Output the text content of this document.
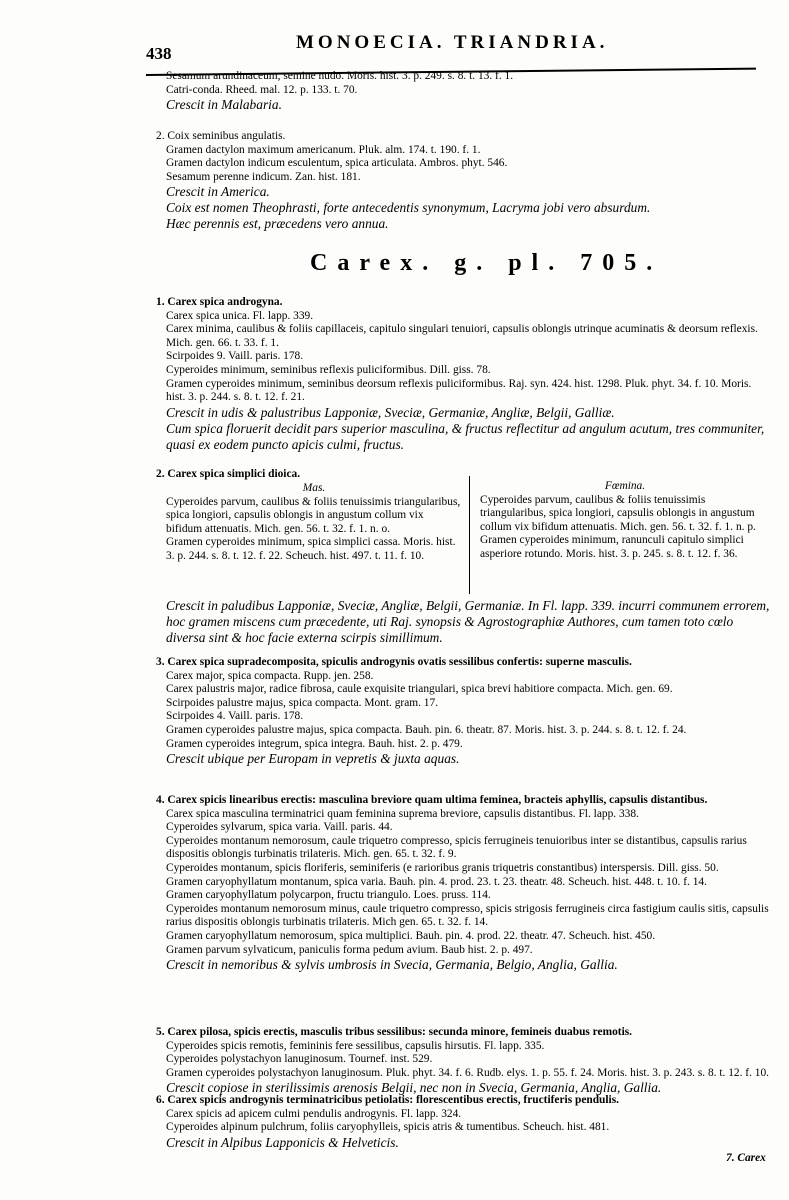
438
MONOECIA. TRIANDRIA.
Sesamum arundinaceum, semine nudo. Moris. hist. 3. p. 249. s. 8. t. 13. f. 1.
Catri-conda. Rheed. mal. 12. p. 133. t. 70.
Crescit in Malabaria.
2. Coix seminibus angulatis.
Gramen dactylon maximum americanum. Pluk. alm. 174. t. 190. f. 1.
Gramen dactylon indicum esculentum, spica articulata. Ambros. phyt. 546.
Sesamum perenne indicum. Zan. hist. 181.
Crescit in America.
Coix est nomen Theophrasti, forte antecedentis synonymum, Lacryma jobi vero absurdum.
Hæc perennis est, præcedens vero annua.
Carex. g. pl. 705.
1. Carex spica androgyna.
Carex spica unica. Fl. lapp. 339.
Carex minima, caulibus & foliis capillaceis, capitulo singulari tenuiori, capsulis oblongis utrinque acuminatis & deorsum reflexis. Mich. gen. 66. t. 33. f. 1.
Scirpoides 9. Vaill. paris. 178.
Cyperoides minimum, seminibus reflexis puliciformibus. Dill. giss. 78.
Gramen cyperoides minimum, seminibus deorsum reflexis puliciformibus. Raj. syn. 424. hist. 1298. Pluk. phyt. 34. f. 10. Moris. hist. 3. p. 244. s. 8. t. 12. f. 21.
Crescit in udis & palustribus Lapponiæ, Sveciæ, Germaniæ, Angliæ, Belgii, Galliæ.
Cum spica floruerit decidit pars superior masculina, & fructus reflectitur ad angulum acutum, tres communiter, quasi ex eodem puncto apicis culmi, fructus.
2. Carex spica simplici dioica.
Mas.
Cyperoides parvum, caulibus & foliis tenuissimis triangularibus, spica longiori, capsulis oblongis in angustum collum vix bifidum attenuatis. Mich. gen. 56. t. 32. f. 1. n. o.
Gramen cyperoides minimum, spica simplici cassa. Moris. hist. 3. p. 244. s. 8. t. 12. f. 22. Scheuch. hist. 497. t. 11. f. 10.
Fœmina.
Cyperoides parvum, caulibus & foliis tenuissimis triangularibus, spica longiori, capsulis oblongis in angustum collum vix bifidum attenuatis. Mich. gen. 56. t. 32. f. 1. n. p.
Gramen cyperoides minimum, ranunculi capitulo simplici asperiore rotundo. Moris. hist. 3. p. 245. s. 8. t. 12. f. 36.
Crescit in paludibus Lapponiæ, Sveciæ, Angliæ, Belgii, Germaniæ. In Fl. lapp. 339. incurri communem errorem, hoc gramen miscens cum præcedente, uti Raj. synopsis & Agrostographiæ Authores, cum tamen toto cœlo diversa sint & hoc facie externa scirpis simillimum.
3. Carex spica supradecomposita, spiculis androgynis ovatis sessilibus confertis: superne masculis.
Carex major, spica compacta. Rupp. jen. 258.
Carex palustris major, radice fibrosa, caule exquisite triangulari, spica brevi habitiore compacta. Mich. gen. 69.
Scirpoides palustre majus, spica compacta. Mont. gram. 17.
Scirpoides 4. Vaill. paris. 178.
Gramen cyperoides palustre majus, spica compacta. Bauh. pin. 6. theatr. 87. Moris. hist. 3. p. 244. s. 8. t. 12. f. 24.
Gramen cyperoides integrum, spica integra. Bauh. hist. 2. p. 479.
Crescit ubique per Europam in vepretis & juxta aquas.
4. Carex spicis linearibus erectis: masculina breviore quam ultima feminea, bracteis aphyllis, capsulis distantibus.
Carex spica masculina terminatrici quam feminina suprema breviore, capsulis distantibus. Fl. lapp. 338.
Cyperoides sylvarum, spica varia. Vaill. paris. 44.
Cyperoides montanum nemorosum, caule triquetro compresso, spicis ferrugineis tenuioribus inter se distantibus, capsulis rarius dispositis oblongis turbinatis trilateris. Mich. gen. 65. t. 32. f. 9.
Cyperoides montanum, spicis floriferis, seminiferis (e rarioribus granis triquetris constantibus) interspersis. Dill. giss. 50.
Gramen caryophyllatum montanum, spica varia. Bauh. pin. 4. prod. 23. t. 23. theatr. 48. Scheuch. hist. 448. t. 10. f. 14.
Gramen caryophyllatum polycarpon, fructu triangulo. Loes. pruss. 114.
Cyperoides montanum nemorosum minus, caule triquetro compresso, spicis strigosis ferrugineis circa fastigium caulis sitis, capsulis rarius dispositis oblongis turbinatis trilateris. Mich gen. 65. t. 32. f. 14.
Gramen caryophyllatum nemorosum, spica multiplici. Bauh. pin. 4. prod. 22. theatr. 47. Scheuch. hist. 450.
Gramen parvum sylvaticum, paniculis forma pedum avium. Baub hist. 2. p. 497.
Crescit in nemoribus & sylvis umbrosis in Svecia, Germania, Belgio, Anglia, Gallia.
5. Carex pilosa, spicis erectis, masculis tribus sessilibus: secunda minore, femineis duabus remotis.
Cyperoides spicis remotis, femininis fere sessilibus, capsulis hirsutis. Fl. lapp. 335.
Cyperoides polystachyon lanuginosum. Tournef. inst. 529.
Gramen cyperoides polystachyon lanuginosum. Pluk. phyt. 34. f. 6. Rudb. elys. 1. p. 55. f. 24. Moris. hist. 3. p. 243. s. 8. t. 12. f. 10.
Crescit copiose in sterilissimis arenosis Belgii, nec non in Svecia, Germania, Anglia, Gallia.
6. Carex spicis androgynis terminatricibus petiolatis: florescentibus erectis, fructiferis pendulis.
Carex spicis ad apicem culmi pendulis androgynis. Fl. lapp. 324.
Cyperoides alpinum pulchrum, foliis caryophylleis, spicis atris & tumentibus. Scheuch. hist. 481.
Crescit in Alpibus Lapponicis & Helveticis.
7. Carex
